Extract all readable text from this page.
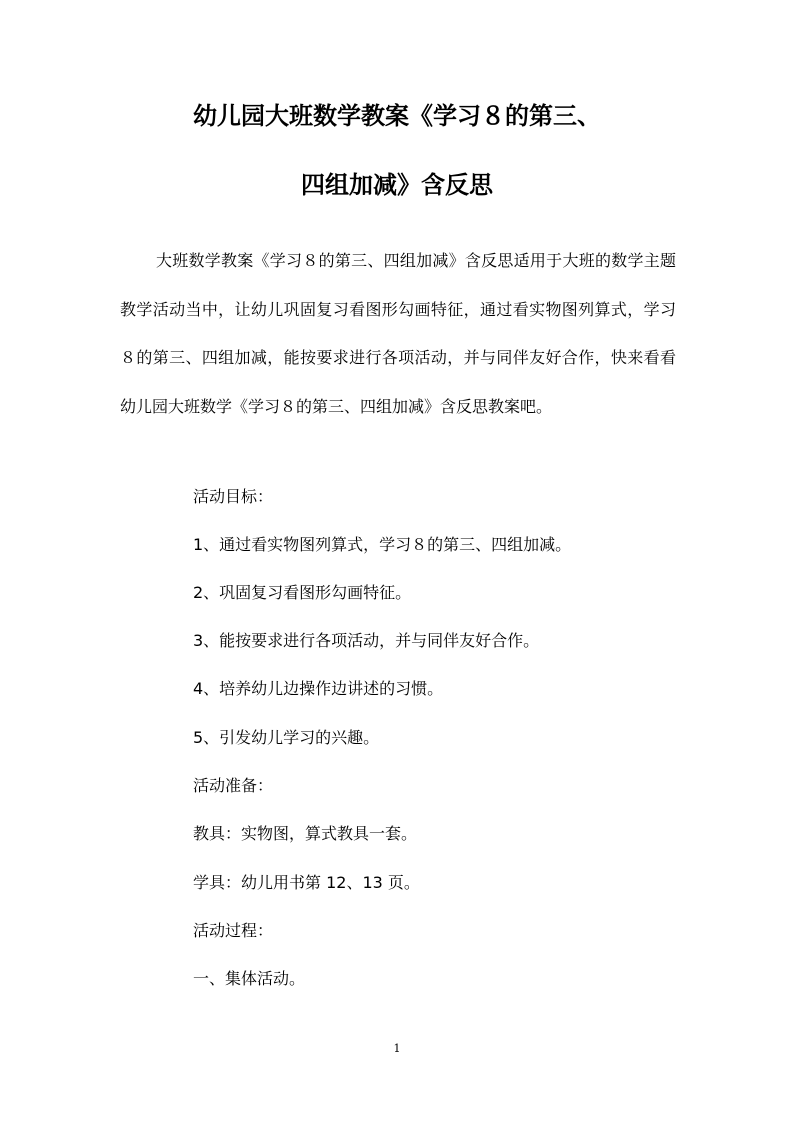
幼儿园大班数学教案《学习８的第三、
四组加减》含反思

大班数学教案《学习８的第三、四组加减》含反思适用于大班的数学主题教学活动当中，让幼儿巩固复习看图形勾画特征，通过看实物图列算式，学习８的第三、四组加减，能按要求进行各项活动，并与同伴友好合作，快来看看幼儿园大班数学《学习８的第三、四组加减》含反思教案吧。

活动目标：

1、通过看实物图列算式，学习８的第三、四组加减。

2、巩固复习看图形勾画特征。

3、能按要求进行各项活动，并与同伴友好合作。

4、培养幼儿边操作边讲述的习惯。

5、引发幼儿学习的兴趣。

活动准备：

教具：实物图，算式教具一套。

学具：幼儿用书第 12、13 页。

活动过程：

一、集体活动。

1
